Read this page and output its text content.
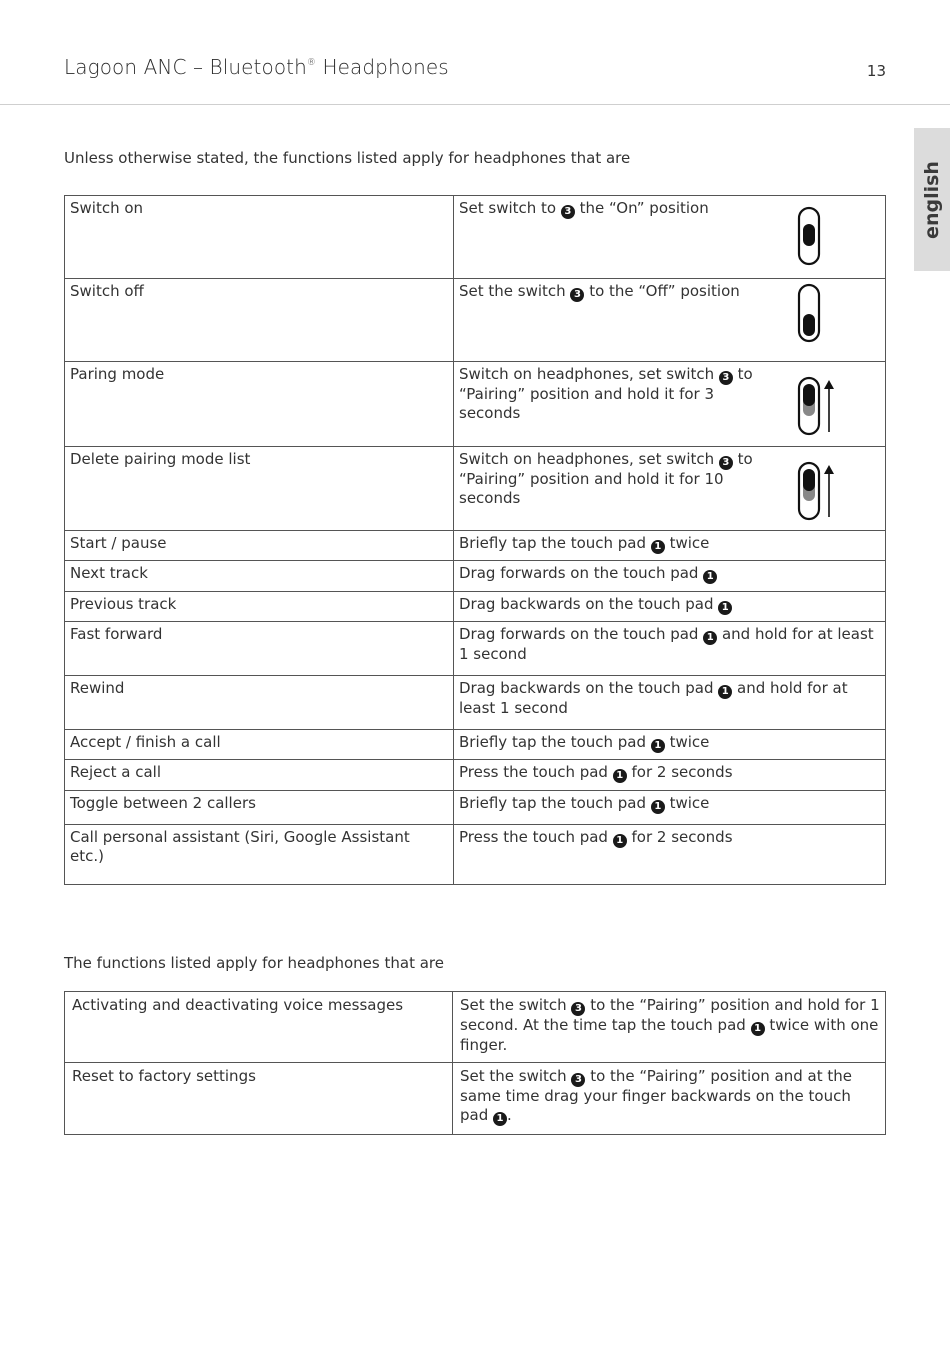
Lagoon ANC – Bluetooth® Headphones	13
english
Unless otherwise stated, the functions listed apply for headphones that are
Switch on	Set switch to 3 the “On” position

Switch off	Set the switch 3 to the “Off” position

Paring mode	Switch on headphones, set switch 3 to “Pairing” position and hold it for 3 seconds

Delete pairing mode list	Switch on headphones, set switch 3 to “Pairing” position and hold it for 10 seconds

Start / pause	Briefly tap the touch pad 1 twice
Next track	Drag forwards on the touch pad 1
Previous track	Drag backwards on the touch pad 1
Fast forward	Drag forwards on the touch pad 1 and hold for at least 1 second
Rewind	Drag backwards on the touch pad 1 and hold for at least 1 second
Accept / finish a call	Briefly tap the touch pad 1 twice
Reject a call	Press the touch pad 1 for 2 seconds
Toggle between 2 callers	Briefly tap the touch pad 1 twice
Call personal assistant (Siri, Google Assistant etc.)	Press the touch pad 1 for 2 seconds
The functions listed apply for headphones that are
Activating and deactivating voice messages	Set the switch 3 to the “Pairing” position and hold for 1 second. At the time tap the touch pad 1 twice with one finger.
Reset to factory settings	Set the switch 3 to the “Pairing” position and at the same time drag your finger backwards on the touch pad 1 .
